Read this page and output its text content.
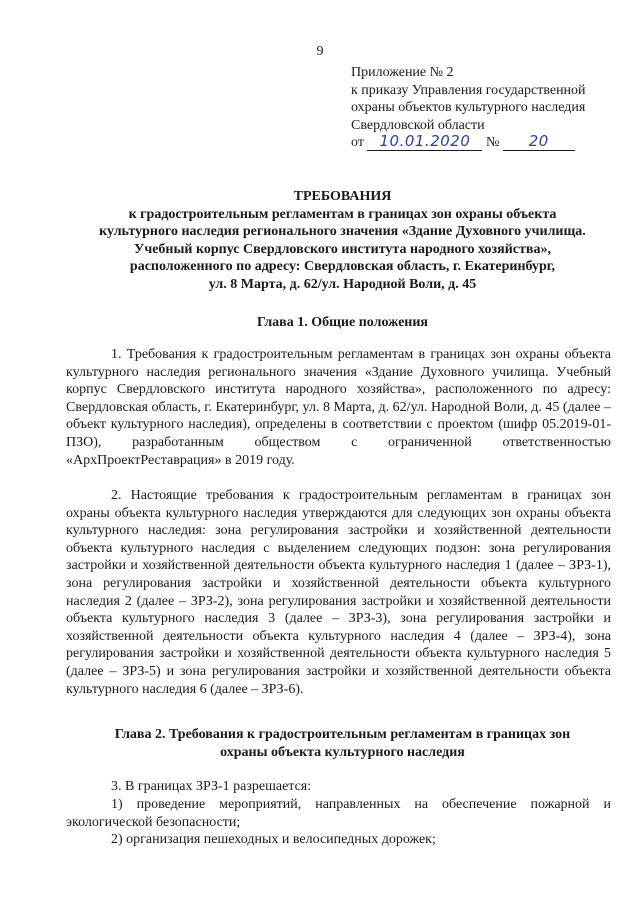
9
Приложение № 2
к приказу Управления государственной
охраны объектов культурного наследия
Свердловской области
от 10.01.2020 № 20
ТРЕБОВАНИЯ
к градостроительным регламентам в границах зон охраны объекта
культурного наследия регионального значения «Здание Духовного училища.
Учебный корпус Свердловского института народного хозяйства»,
расположенного по адресу: Свердловская область, г. Екатеринбург,
ул. 8 Марта, д. 62/ул. Народной Воли, д. 45
Глава 1. Общие положения
1. Требования к градостроительным регламентам в границах зон охраны объекта культурного наследия регионального значения «Здание Духовного училища. Учебный корпус Свердловского института народного хозяйства», расположенного по адресу: Свердловская область, г. Екатеринбург, ул. 8 Марта, д. 62/ул. Народной Воли, д. 45 (далее – объект культурного наследия), определены в соответствии с проектом (шифр 05.2019-01-ПЗО), разработанным обществом с ограниченной ответственностью «АрхПроектРеставрация» в 2019 году.
2. Настоящие требования к градостроительным регламентам в границах зон охраны объекта культурного наследия утверждаются для следующих зон охраны объекта культурного наследия: зона регулирования застройки и хозяйственной деятельности объекта культурного наследия с выделением следующих подзон: зона регулирования застройки и хозяйственной деятельности объекта культурного наследия 1 (далее – ЗРЗ-1), зона регулирования застройки и хозяйственной деятельности объекта культурного наследия 2 (далее – ЗРЗ-2), зона регулирования застройки и хозяйственной деятельности объекта культурного наследия 3 (далее – ЗРЗ-3), зона регулирования застройки и хозяйственной деятельности объекта культурного наследия 4 (далее – ЗРЗ-4), зона регулирования застройки и хозяйственной деятельности объекта культурного наследия 5 (далее – ЗРЗ-5) и зона регулирования застройки и хозяйственной деятельности объекта культурного наследия 6 (далее – ЗРЗ-6).
Глава 2. Требования к градостроительным регламентам в границах зон
охраны объекта культурного наследия
3. В границах ЗРЗ-1 разрешается:
1) проведение мероприятий, направленных на обеспечение пожарной и экологической безопасности;
2) организация пешеходных и велосипедных дорожек;
